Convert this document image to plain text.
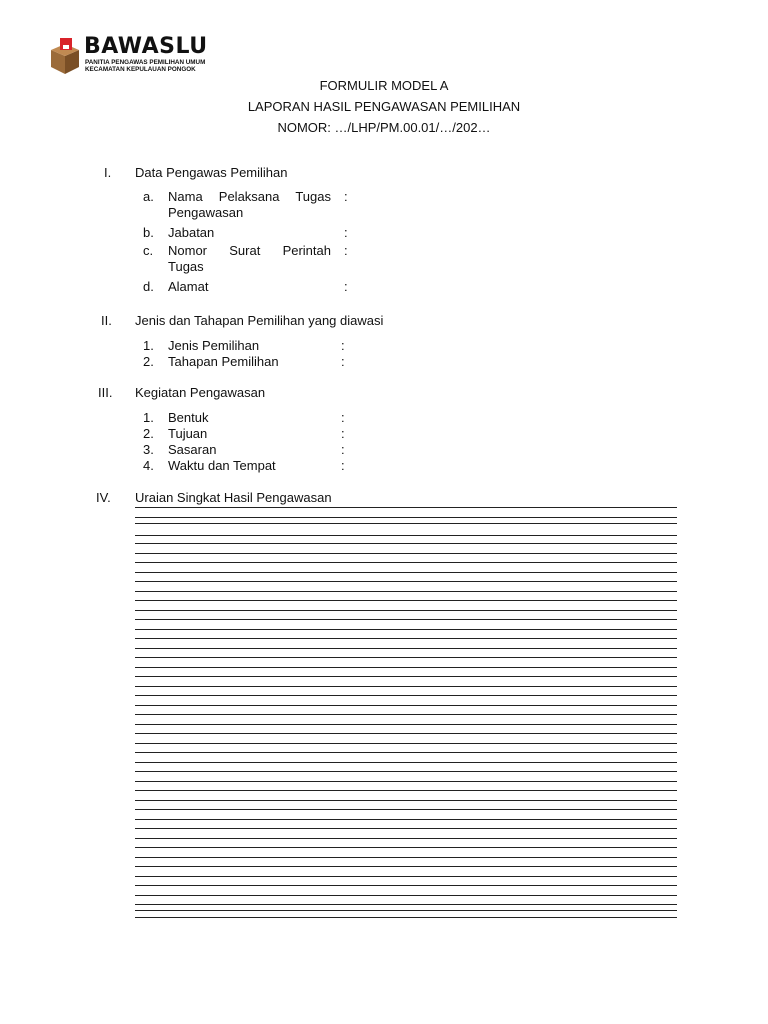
BAWASLU
PANITIA PENGAWAS PEMILIHAN UMUM
KECAMATAN KEPULAUAN PONGOK
FORMULIR MODEL A
LAPORAN HASIL PENGAWASAN PEMILIHAN
NOMOR: …/LHP/PM.00.01/…/202…
I. Data Pengawas Pemilihan
a. Nama Pelaksana Tugas
Pengawasan
:
b. Jabatan	:
c. Nomor Surat Perintah
Tugas
:
d. Alamat	:
II. Jenis dan Tahapan Pemilihan yang diawasi
1. Jenis Pemilihan	:
2. Tahapan Pemilihan	:
III. Kegiatan Pengawasan
1. Bentuk	:
2. Tujuan	:
3. Sasaran	:
4. Waktu dan Tempat	:
IV. Uraian Singkat Hasil Pengawasan
